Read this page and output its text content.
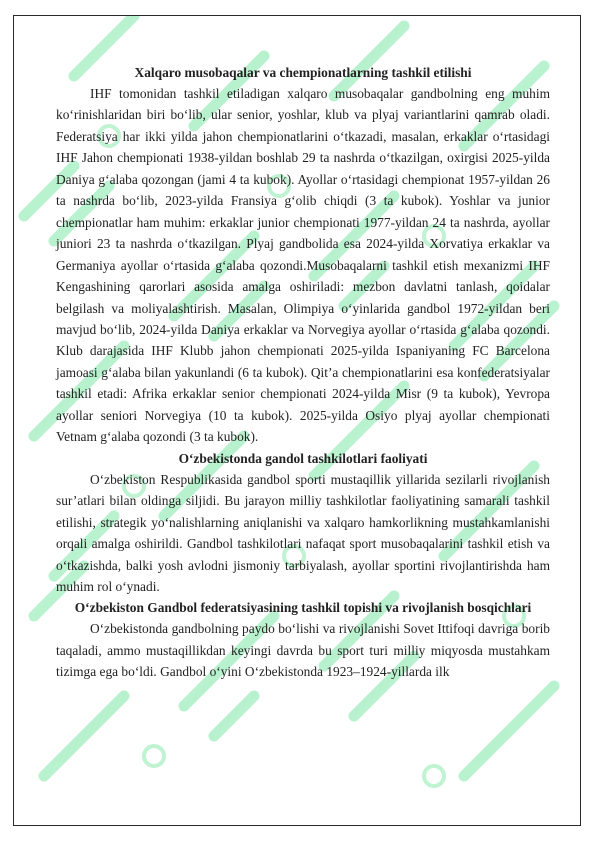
Xalqaro musobaqalar va chempionatlarning tashkil etilishi

IHF tomonidan tashkil etiladigan xalqaro musobaqalar gandbolning eng muhim ko‘rinishlaridan biri bo‘lib, ular senior, yoshlar, klub va plyaj variantlarini qamrab oladi. Federatsiya har ikki yilda jahon chempionatlarini o‘tkazadi, masalan, erkaklar o‘rtasidagi IHF Jahon chempionati 1938-yildan boshlab 29 ta nashrda o‘tkazilgan, oxirgisi 2025-yilda Daniya g‘alaba qozongan (jami 4 ta kubok). Ayollar o‘rtasidagi chempionat 1957-yildan 26 ta nashrda bo‘lib, 2023-yilda Fransiya g‘olib chiqdi (3 ta kubok). Yoshlar va junior chempionatlar ham muhim: erkaklar junior chempionati 1977-yildan 24 ta nashrda, ayollar juniori 23 ta nashrda o‘tkazilgan. Plyaj gandbolida esa 2024-yilda Xorvatiya erkaklar va Germaniya ayollar o‘rtasida g‘alaba qozondi.Musobaqalarni tashkil etish mexanizmi IHF Kengashining qarorlari asosida amalga oshiriladi: mezbon davlatni tanlash, qoidalar belgilash va moliyalashtirish. Masalan, Olimpiya o‘yinlarida gandbol 1972-yildan beri mavjud bo‘lib, 2024-yilda Daniya erkaklar va Norvegiya ayollar o‘rtasida g‘alaba qozondi. Klub darajasida IHF Klubb jahon chempionati 2025-yilda Ispaniyaning FC Barcelona jamoasi g‘alaba bilan yakunlandi (6 ta kubok). Qit’a chempionatlarini esa konfederatsiyalar tashkil etadi: Afrika erkaklar senior chempionati 2024-yilda Misr (9 ta kubok), Yevropa ayollar seniori Norvegiya (10 ta kubok). 2025-yilda Osiyo plyaj ayollar chempionati Vetnam g‘alaba qozondi (3 ta kubok).

O‘zbekistonda gandol tashkilotlari faoliyati

O‘zbekiston Respublikasida gandbol sporti mustaqillik yillarida sezilarli rivojlanish sur’atlari bilan oldinga siljidi. Bu jarayon milliy tashkilotlar faoliyatining samarali tashkil etilishi, strategik yo‘nalishlarning aniqlanishi va xalqaro hamkorlikning mustahkamlanishi orqali amalga oshirildi. Gandbol tashkilotlari nafaqat sport musobaqalarini tashkil etish va o‘tkazishda, balki yosh avlodni jismoniy tarbiyalash, ayollar sportini rivojlantirishda ham muhim rol o‘ynadi.

O‘zbekiston Gandbol federatsiyasining tashkil topishi va rivojlanish bosqichlari

O‘zbekistonda gandbolning paydo bo‘lishi va rivojlanishi Sovet Ittifoqi davriga borib taqaladi, ammo mustaqillikdan keyingi davrda bu sport turi milliy miqyosda mustahkam tizimga ega bo‘ldi. Gandbol o‘yini O‘zbekistonda 1923–1924-yillarda ilk
